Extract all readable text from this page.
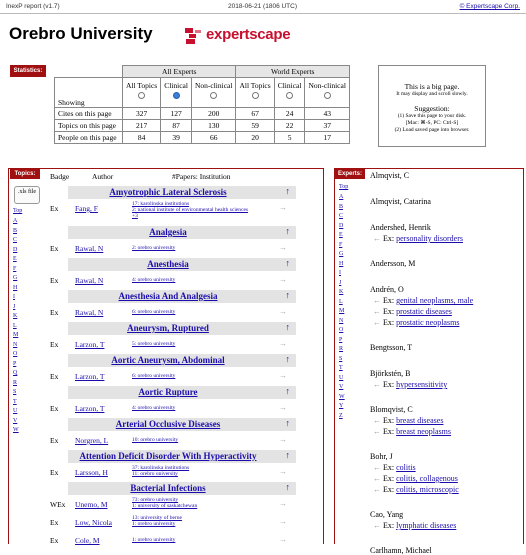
InexP report (v1.7)	2018-06-21 (1806 UTC)	© Expertscape Corp.
Orebro University	expertscape
Statistics:
		All Experts			World Experts		
Showing	All Topics	Clinical	Non-clinical	All Topics	Clinical	Non-clinical

Cites on this page	327	127	200	67	24	43
Topics on this page	217	87	130	59	22	37
People on this page	84	39	66	20	5	17
This is a big page.
It may display and scroll slowly.
Suggestion:
(1) Save this page to your disk.
[Mac: ⌘-S, PC: Ctrl-S]
(2) Load saved page into browser.
Topics:
.xls file
Top
A
B
C
D
E
F
G
H
I
J
K
L
M
N
O
P
Q
R
S
T
U
V
W
Badge	Author	#Papers: Institution
Amyotrophic Lateral Sclerosis	↑
Ex Fang, F	17: karolinska institutions
2: national institute of environmental health sciences
+3
→
Analgesia	↑
Ex Rawal, N	2: orebro university	→
Anesthesia	↑
Ex Rawal, N	4: orebro university	→
Anesthesia And Analgesia	↑
Ex Rawal, N	6: orebro university	→
Aneurysm, Ruptured	↑
Ex Larzon, T	5: orebro university	→
Aortic Aneurysm, Abdominal	↑
Ex Larzon, T	6: orebro university	→
Aortic Rupture	↑
Ex Larzon, T	4: orebro university	→
Arterial Occlusive Diseases	↑
Ex Norgren, L	10: orebro university	→
Attention Deficit Disorder With Hyperactivity	↑
Ex Larsson, H	37: karolinska institutions
11: orebro university	→
Bacterial Infections	↑
WEx Unemo, M	73: orebro university
1: university of saskatchewan	→
Ex Low, Nicola	13: university of berne
1: orebro university	→
Ex Cole, M	1: orebro university	→
Experts:
Top
A
B
C
D
E
F
G
H
I
J
K
L
M
N
O
P
R
S
T
U
V
W
Y
Z
Almqvist, C
Almqvist, Catarina
Andershed, Henrik
← Ex: personality disorders
Andersson, M
Andrén, O
← Ex: genital neoplasms, male
← Ex: prostatic diseases
← Ex: prostatic neoplasms
Bengtsson, T
Björkstén, B
← Ex: hypersensitivity
Blomqvist, C
← Ex: breast diseases
← Ex: breast neoplasms
Bohr, J
← Ex: colitis
← Ex: colitis, collagenous
← Ex: colitis, microscopic
Cao, Yang
← Ex: lymphatic diseases
Carlhamn, Michael
